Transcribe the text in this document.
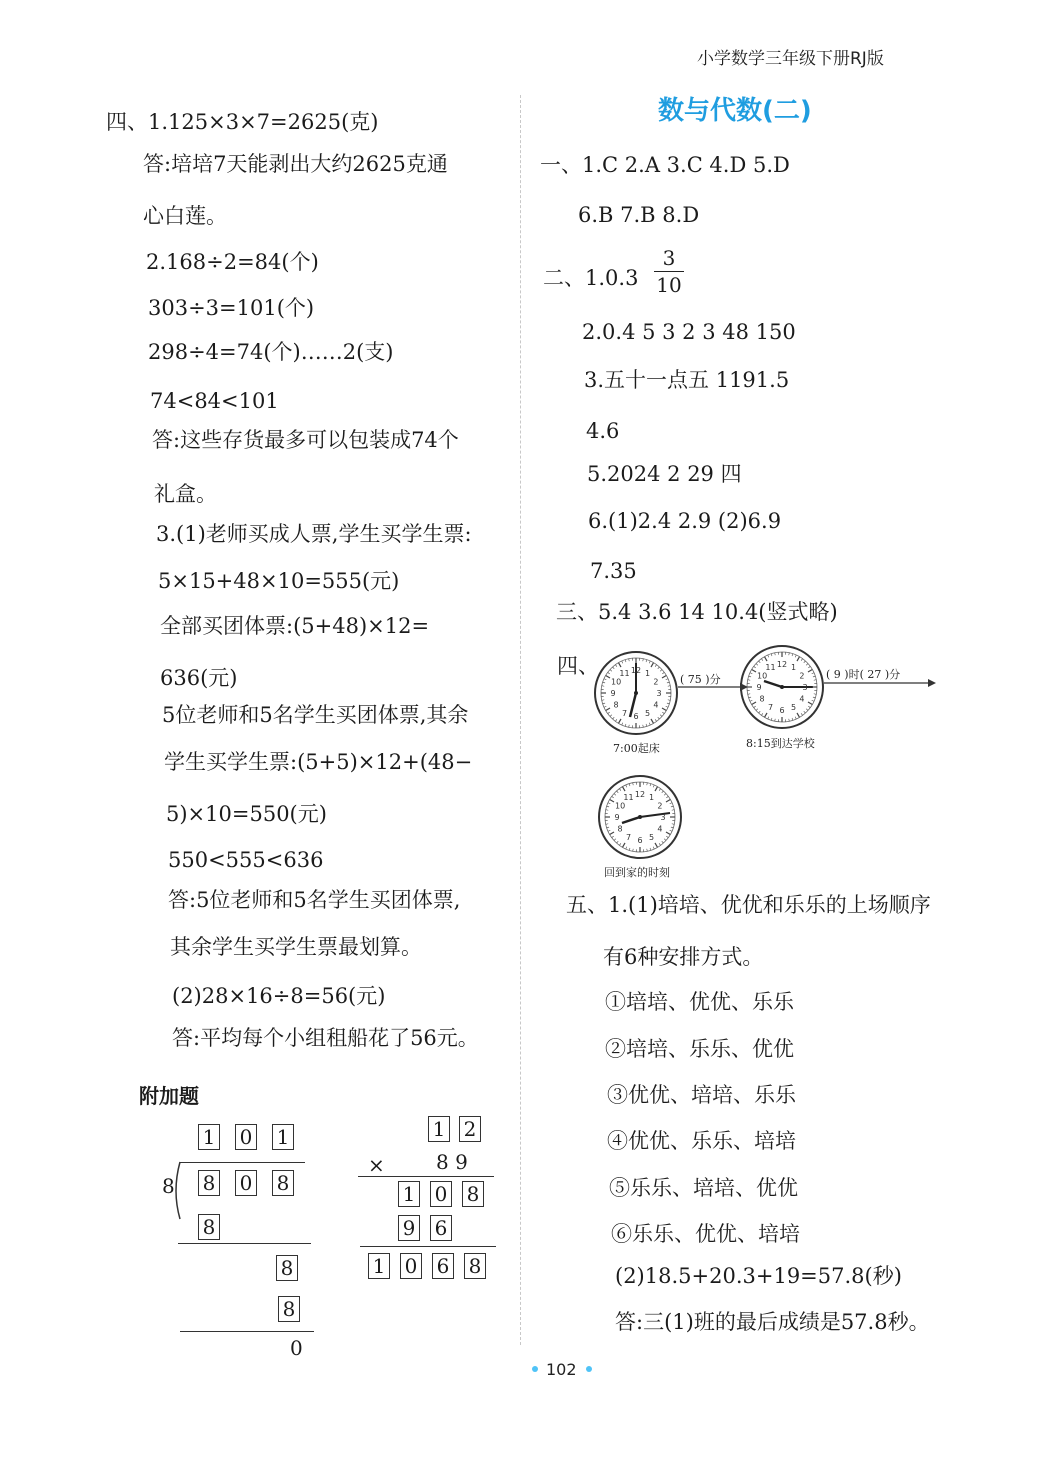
小学数学三年级下册RJ版
数与代数(二)
四、1.125×3×7=2625(克)
答:培培7天能剥出大约2625克通
心白莲。
2.168÷2=84(个)
303÷3=101(个)
298÷4=74(个)……2(支)
74<84<101
答:这些存货最多可以包装成74个
礼盒。
3.(1)老师买成人票,学生买学生票:
5×15+48×10=555(元)
全部买团体票:(5+48)×12=
636(元)
5位老师和5名学生买团体票,其余
学生买学生票:(5+5)×12+(48−
5)×10=550(元)
550<555<636
答:5位老师和5名学生买团体票,
其余学生买学生票最划算。
(2)28×16÷8=56(元)
答:平均每个小组租船花了56元。
附加题
1 0 1
8 8 0 8
8
8
8
0
1 2
×	8 9
1 0 8
9 6
1 0 6 8
一、1.C 2.A 3.C 4.D 5.D
6.B 7.B 8.D
二、1.0.3
3
10
2.0.4 5 3 2 3 48 150
3.五十一点五 1191.5
4.6
5.2024 2 29 四
6.(1)2.4 2.9 (2)6.9
7.35
三、5.4 3.6 14 10.4(竖式略)
四、	12 1
2
3
4
5
6
7
8
9
10
11
12 1
2
3
4
5
6
7
8
9
10
11
12 1
2
3
4
5
6
7
8
9
10
11
( 75 )分	( 9 )时( 27 )分
7:00起床	8:15到达学校
回到家的时刻
五、1.(1)培培、优优和乐乐的上场顺序
有6种安排方式。
①培培、优优、乐乐
②培培、乐乐、优优
③优优、培培、乐乐
④优优、乐乐、培培
⑤乐乐、培培、优优
⑥乐乐、优优、培培
(2)18.5+20.3+19=57.8(秒)
答:三(1)班的最后成绩是57.8秒。
102
